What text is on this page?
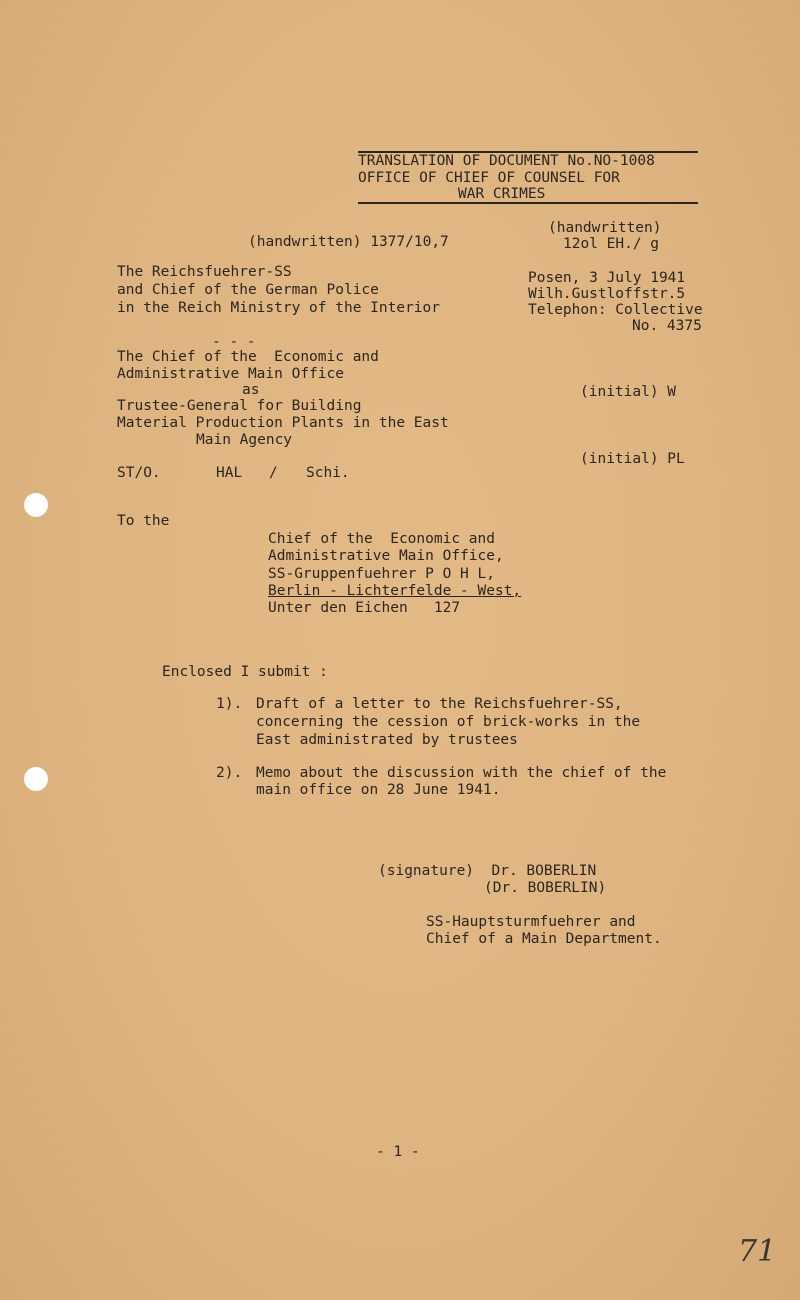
TRANSLATION OF DOCUMENT No.NO-1008
OFFICE OF CHIEF OF COUNSEL FOR
WAR CRIMES
(handwritten) 1377/10,7
(handwritten)
12ol EH./ g
The Reichsfuehrer-SS
and Chief of the German Police
in the Reich Ministry of the Interior
Posen, 3 July 1941
Wilh.Gustloffstr.5
Telephon: Collective
No. 4375
- - -
The Chief of the  Economic and
Administrative Main Office
as
Trustee-General for Building
Material Production Plants in the East
Main Agency
(initial) W
(initial) PL
ST/O.	HAL / Schi.
To the
Chief of the  Economic and
Administrative Main Office,
SS-Gruppenfuehrer P O H L,
Berlin - Lichterfelde - West,
Unter den Eichen   127
Enclosed I submit :
1). Draft of a letter to the Reichsfuehrer-SS,
concerning the cession of brick-works in the
East administrated by trustees
2). Memo about the discussion with the chief of the
main office on 28 June 1941.
(signature)  Dr. BOBERLIN
(Dr. BOBERLIN)
SS-Hauptsturmfuehrer and
Chief of a Main Department.
- 1 -
71
